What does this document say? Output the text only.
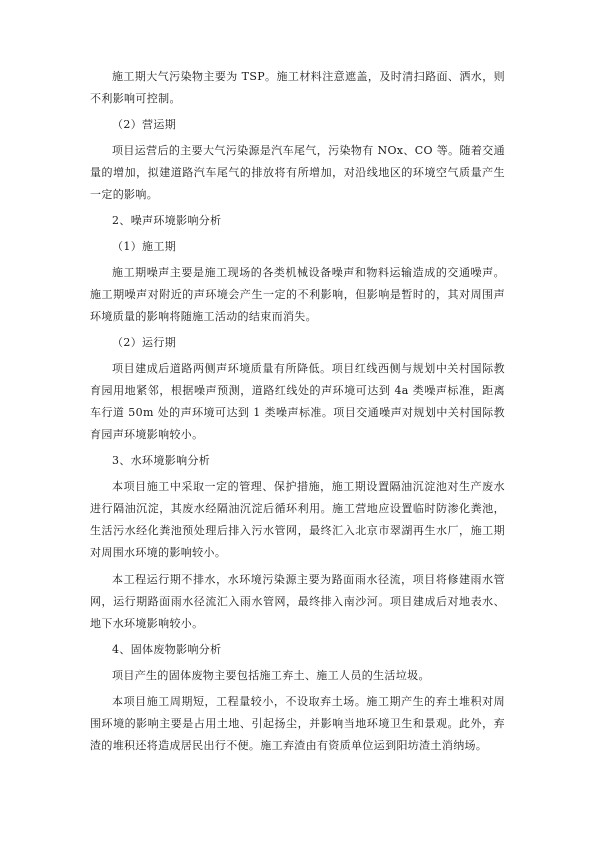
施工期大气污染物主要为 TSP。施工材料注意遮盖，及时清扫路面、洒水，则不利影响可控制。

（2）营运期

项目运营后的主要大气污染源是汽车尾气，污染物有 NOx、CO 等。随着交通量的增加，拟建道路汽车尾气的排放将有所增加，对沿线地区的环境空气质量产生一定的影响。

2、噪声环境影响分析

（1）施工期

施工期噪声主要是施工现场的各类机械设备噪声和物料运输造成的交通噪声。施工期噪声对附近的声环境会产生一定的不利影响，但影响是暂时的，其对周围声环境质量的影响将随施工活动的结束而消失。

（2）运行期

项目建成后道路两侧声环境质量有所降低。项目红线西侧与规划中关村国际教育园用地紧邻，根据噪声预测，道路红线处的声环境可达到 4a 类噪声标准，距离车行道 50m 处的声环境可达到 1 类噪声标准。项目交通噪声对规划中关村国际教育园声环境影响较小。

3、水环境影响分析

本项目施工中采取一定的管理、保护措施，施工期设置隔油沉淀池对生产废水进行隔油沉淀，其废水经隔油沉淀后循环利用。施工营地应设置临时防渗化粪池，生活污水经化粪池预处理后排入污水管网，最终汇入北京市翠湖再生水厂，施工期对周围水环境的影响较小。

本工程运行期不排水，水环境污染源主要为路面雨水径流，项目将修建雨水管网，运行期路面雨水径流汇入雨水管网，最终排入南沙河。项目建成后对地表水、地下水环境影响较小。

4、固体废物影响分析

项目产生的固体废物主要包括施工弃土、施工人员的生活垃圾。

本项目施工周期短，工程量较小，不设取弃土场。施工期产生的弃土堆积对周围环境的影响主要是占用土地、引起扬尘，并影响当地环境卫生和景观。此外，弃渣的堆积还将造成居民出行不便。施工弃渣由有资质单位运到阳坊渣土消纳场。
